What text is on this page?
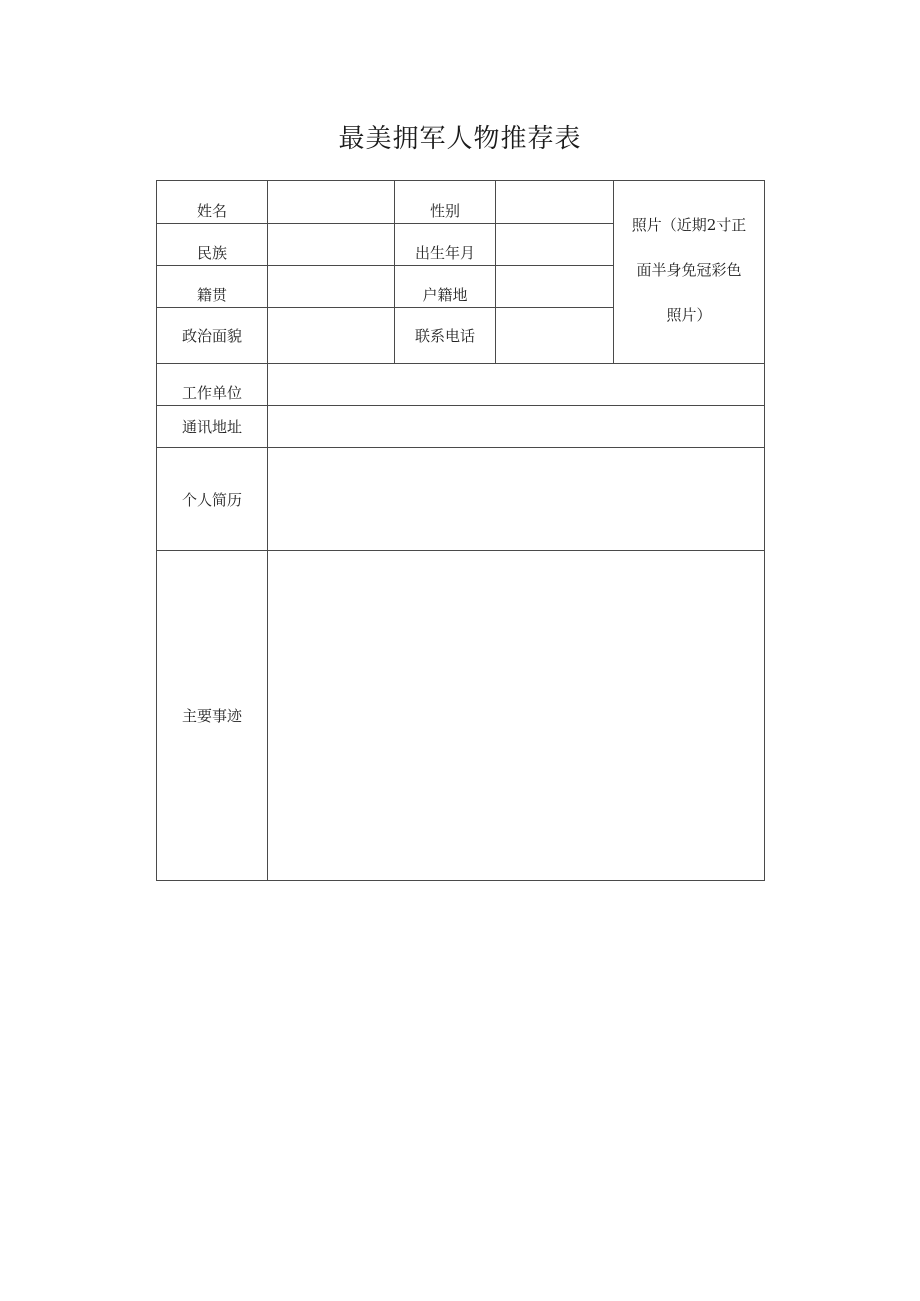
最美拥军人物推荐表
姓名		性别		照片（近期2寸正
面半身免冠彩色
照片）

民族		出生年月		
籍贯		户籍地		
政治面貌		联系电话		
工作单位				
通讯地址				
个人简历				
主要事迹				
